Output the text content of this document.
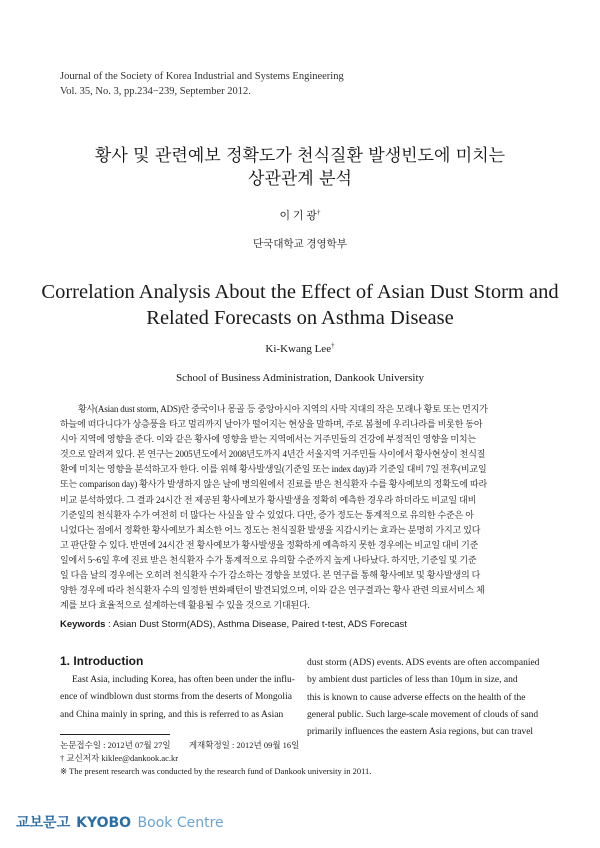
Journal of the Society of Korea Industrial and Systems Engineering
Vol. 35, No. 3, pp.234−239, September 2012.
황사 및 관련예보 정확도가 천식질환 발생빈도에 미치는
상관관계 분석
이 기 광†
단국대학교 경영학부
Correlation Analysis About the Effect of Asian Dust Storm and
Related Forecasts on Asthma Disease
Ki-Kwang Lee†
School of Business Administration, Dankook University
황사(Asian dust storm, ADS)란 중국이나 몽골 등 중앙아시아 지역의 사막 지대의 작은 모래나 황토 또는 먼지가
하늘에 떠다니다가 상층풍을 타고 멀리까지 날아가 떨어지는 현상을 말하며, 주로 봄철에 우리나라를 비롯한 동아
시아 지역에 영향을 준다. 이와 같은 황사에 영향을 받는 지역에서는 거주민들의 건강에 부정적인 영향을 미치는
것으로 알려져 있다. 본 연구는 2005년도에서 2008년도까지 4년간 서울지역 거주민들 사이에서 황사현상이 천식질
환에 미치는 영향을 분석하고자 한다. 이를 위해 황사발생일(기준일 또는 index day)과 기준일 대비 7일 전후(비교일
또는 comparison day) 황사가 발생하지 않은 날에 병의원에서 진료를 받은 천식환자 수를 황사예보의 정확도에 따라
비교 분석하였다. 그 결과 24시간 전 제공된 황사예보가 황사발생을 정확히 예측한 경우라 하더라도 비교일 대비
기준일의 천식환자 수가 여전히 더 많다는 사실을 알 수 있었다. 다만, 증가 정도는 통계적으로 유의한 수준은 아
니었다는 점에서 정확한 황사예보가 최소한 어느 정도는 천식질환 발생을 지감시키는 효과는 분명히 가지고 있다
고 판단할 수 있다. 반면에 24시간 전 황사예보가 황사발생을 정확하게 예측하지 못한 경우에는 비교일 대비 기준
일에서 5~6일 후에 진료 받은 천식환자 수가 통계적으로 유의할 수준까지 높게 나타났다. 하지만, 기준일 및 기준
일 다음 날의 경우에는 오히려 천식환자 수가 감소하는 경향을 보였다. 본 연구를 통해 황사예보 및 황사발생의 다
양한 경우에 따라 천식환자 수의 일정한 변화패턴이 발견되었으며, 이와 같은 연구결과는 황사 관련 의료서비스 체
계를 보다 효율적으로 설계하는데 활용될 수 있을 것으로 기대된다.
Keywords : Asian Dust Storm(ADS), Asthma Disease, Paired t-test, ADS Forecast
1. Introduction
East Asia, including Korea, has often been under the influ-
ence of windblown dust storms from the deserts of Mongolia
and China mainly in spring, and this is referred to as Asian
dust storm (ADS) events. ADS events are often accompanied
by ambient dust particles of less than 10μm in size, and
this is known to cause adverse effects on the health of the
general public. Such large-scale movement of clouds of sand
primarily influences the eastern Asia regions, but can travel
논문접수일 : 2012년 07월 27일 게재확정일 : 2012년 09월 16일
† 교신저자 kiklee@dankook.ac.kr
※ The present research was conducted by the research fund of Dankook university in 2011.
교보문고 KYOBO Book Centre
